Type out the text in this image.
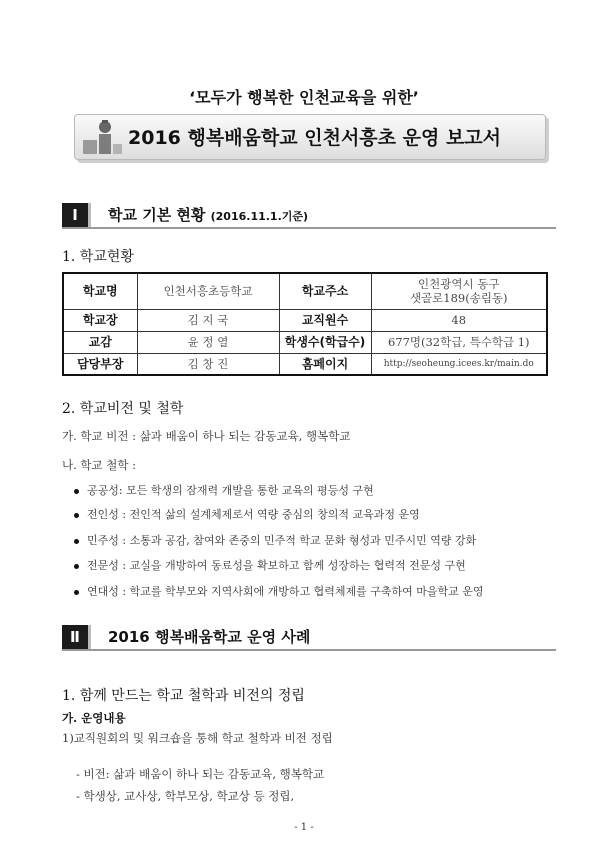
‘모두가 행복한 인천교육을 위한’
2016 행복배움학교 인천서흥초 운영 보고서
Ⅰ	학교 기본 현황 (2016.11.1.기준)
1. 학교현황
학교명	인천서흥초등학교	학교주소	인천광역시 동구
샛골로189(송림동)

학교장	김 지 국	교직원수	48
교감	윤 정 열	학생수(학급수)	677명(32학급, 특수학급 1)
담당부장	김 창 진	홈페이지	http://seoheung.icees.kr/main.do
2. 학교비전 및 철학
가. 학교 비전 : 삶과 배움이 하나 되는 감동교육, 행복학교
나. 학교 철학 :
공공성: 모든 학생의 잠재력 개발을 통한 교육의 평등성 구현
전인성 : 전인적 삶의 설계체제로서 역량 중심의 창의적 교육과정 운영
민주성 : 소통과 공감, 참여와 존중의 민주적 학교 문화 형성과 민주시민 역량 강화
전문성 : 교실을 개방하여 동료성을 확보하고 함께 성장하는 협력적 전문성 구현
연대성 : 학교를 학부모와 지역사회에 개방하고 협력체제를 구축하여 마을학교 운영
Ⅱ	2016 행복배움학교 운영 사례
1. 함께 만드는 학교 철학과 비전의 정립
가. 운영내용
1)교직원회의 및 워크숍을 통해 학교 철학과 비전 정립
- 비전: 삶과 배움이 하나 되는 감동교육, 행복학교
- 학생상, 교사상, 학부모상, 학교상 등 정립,
- 1 -
